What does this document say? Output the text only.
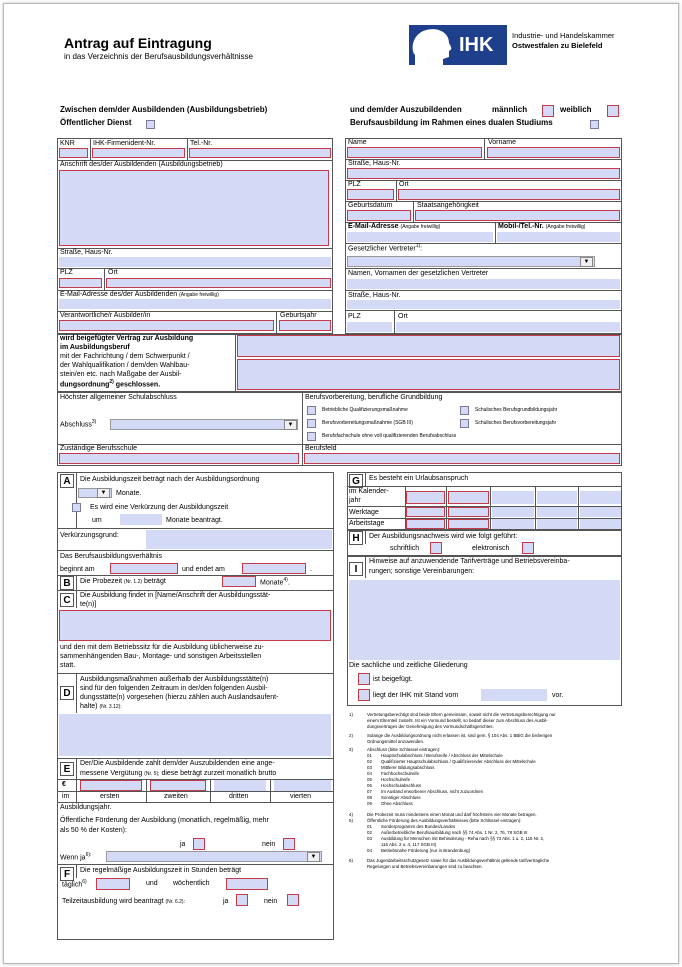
Antrag auf Eintragung
in das Verzeichnis der Berufsausbildungsverhältnisse
IHK Industrie- und Handelskammer
Ostwestfalen zu Bielefeld
Zwischen dem/der Ausbildenden (Ausbildungsbetrieb)
Öffentlicher Dienst
und dem/der Auszubildenden	männlich	weiblich
Berufsausbildung im Rahmen eines dualen Studiums
KNR	IHK-Firmenident-Nr.	Tel.-Nr.
Anschrift des/der Ausbildenden (Ausbildungsbetrieb)
Straße, Haus-Nr.
PLZ	Ort
E-Mail-Adresse des/der Ausbildenden (Angabe freiwillig)
Verantwortliche/r Ausbilder/in	Geburtsjahr
Name	Vorname
Straße, Haus-Nr.
PLZ	Ort
Geburtsdatum	Staatsangehörigkeit
E-Mail-Adresse (Angabe freiwillig)	Mobil-/Tel.-Nr. (Angabe freiwillig)
Gesetzlicher Vertreter$^{1)}$:
▼
Namen, Vornamen der gesetzlichen Vertreter
Straße, Haus-Nr.
PLZ	Ort
wird beigefügter Vertrag zur Ausbildung
im Ausbildungsberuf
mit der Fachrichtung / dem Schwerpunkt /
der Wahlqualifikation / dem/den Wahlbau-
stein/en etc. nach Maßgabe der Ausbil-
dungsordnung$^{2)}$ geschlossen.
Höchster allgemeiner Schulabschluss
Abschluss$^{3)}$	▼
Berufsvorbereitung, berufliche Grundbildung
Betriebliche Qualifizierungsmaßnahme	Schulisches Berufsgrundbildungsjahr
Berufsvorbereitungsmaßnahme (SGB III)	Schulisches Berufsvorbereitungsjahr
Berufsfachschule ohne voll qualifizierenden Berufsabschluss
Zuständige Berufsschule	Berufsfeld
A	Die Ausbildungszeit beträgt nach der Ausbildungsordnung
▼	Monate.
Es wird eine Verkürzung der Ausbildungszeit
um	Monate beantragt.
Verkürzungsgrund:
Das Berufsausbildungsverhältnis
beginnt am	und endet am	.
B	Die Probezeit (Nr. 1.2) beträgt	Monate$^{4)}$.
C	Die Ausbildung findet in [Name/Anschrift der Ausbildungsstät-
te(n)]
und den mit dem Betriebssitz für die Ausbildung üblicherweise zu-
sammenhängenden Bau-, Montage- und sonstigen Arbeitsstellen
statt.
D
Ausbildungsmaßnahmen außerhalb der Ausbildungsstätte(n)
sind für den folgenden Zeitraum in der/den folgenden Ausbil-
dungsstätte(n) vorgesehen (hierzu zählen auch Auslandsaufent-
halte) (Nr. 3.12):
E
Der/Die Ausbildende zahlt dem/der Auszubildenden eine ange-
messene Vergütung (Nr. 5); diese beträgt zurzeit monatlich brutto
€
im	ersten	zweiten	dritten	vierten
Ausbildungsjahr.
Öffentliche Förderung der Ausbildung (monatlich, regelmäßig, mehr
als 50 % der Kosten):
ja	nein
Wenn $ja^{6):}$	▼
F	Die regelmäßige Ausbildungszeit in Stunden beträgt
täglich$^{6)}$	und wöchentlich
Teilzeitausbildung wird beantragt (Nr. 6.2):	ja	nein
G	Es besteht ein Urlaubsanspruch
im Kalender-
jahr
Werktage
Arbeitstage
H	Der Ausbildungsnachweis wird wie folgt geführt:
schriftlich	elektronisch
I
Hinweise auf anzuwendende Tarifverträge und Betriebsvereinba-
rungen; sonstige Vereinbarungen:
Die sachliche und zeitliche Gliederung
ist beigefügt.
liegt der IHK mit Stand vom	vor.
1)	Vertretungsberechtigt sind beide Eltern gemeinsam, soweit nicht die Vertretungsberechtigung nur
einem Elternteil zusteht. Ist ein Vormund bestellt, so bedarf dieser zum Abschluss des Ausbil-
dungsvertrages der Genehmigung des Vormundschaftsgerichtes.
2)	Solange die Ausbildungsordnung nicht erlassen ist, sind gem. § 104 Abs. 1 BBiG die bisherigen
Ordnungsmittel anzuwenden.
3)	Abschluss (bitte Schlüssel eintragen):
01 Hauptschulabschluss / Berufsreife / Abschluss der Mittelschule
02 Qualifizierter Hauptschulabschluss / Qualifizierender Abschluss der Mittelschule
03 Mittlerer Bildungsabschluss
04 Fachhochschulreife
05 Hochschulreife
06 Hochschulabschluss
07 Im Ausland erworbener Abschluss, nicht zuzuordnen
08 Sonstiger Abschluss
09 Ohne Abschluss
4)	Die Probezeit muss mindestens einen Monat und darf höchstens vier Monate betragen.
5)	Öffentliche Förderung des Ausbildungsverhältnisses (bitte Schlüssel eintragen):
01 Sonderprogramm des Bundes/Landes
02 Außerbetriebliche Berufsausbildung nach §§ 74 Abs. 1 Nr. 2, 76, 78 SGB III
03 Ausbildung für Menschen mit Behinderung - Reha nach §§ 73 Abs. 1 u. 2, 115 Nr. 2,
116 Abs. 2 u. 4, 117 SGB III)
04 Betriebsnahe Förderung (nur in Brandenburg)
6)	Das Jugendarbeitsschutzgesetz sowie für das Ausbildungsverhältnis geltende tarifvertragliche
Regelungen und Betriebsvereinbarungen sind zu beachten.
